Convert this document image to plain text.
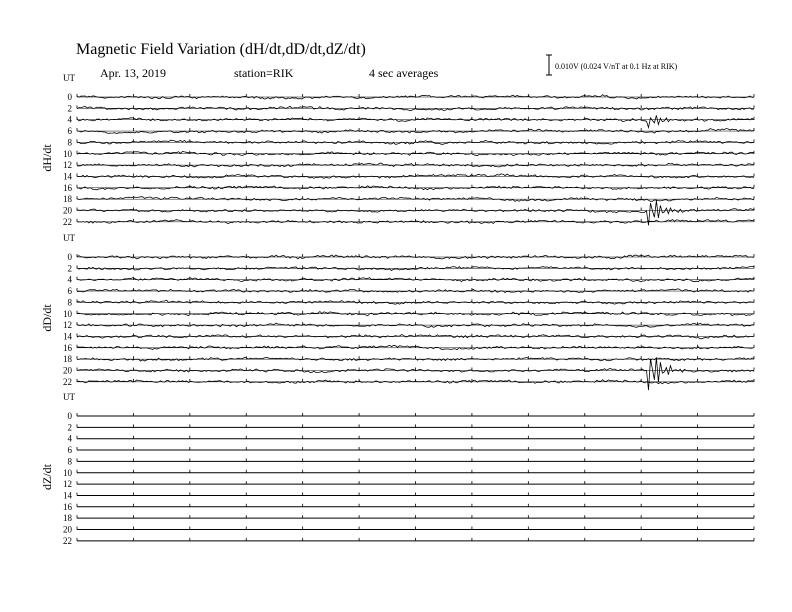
Magnetic Field Variation (dH/dt,dD/dt,dZ/dt)
Apr. 13, 2019	station=RIK	4 sec averages	0.010V (0.024 V/nT at 0.1 Hz at RIK)
UT
dH/dt
0
2
4
6
8
10
12
14
16
18
20
22
UT
dD/dt
0
2
4
6
8
10
12
14
16
18
20
22
UT
dZ/dt
0
2
4
6
8
10
12
14
16
18
20
22
